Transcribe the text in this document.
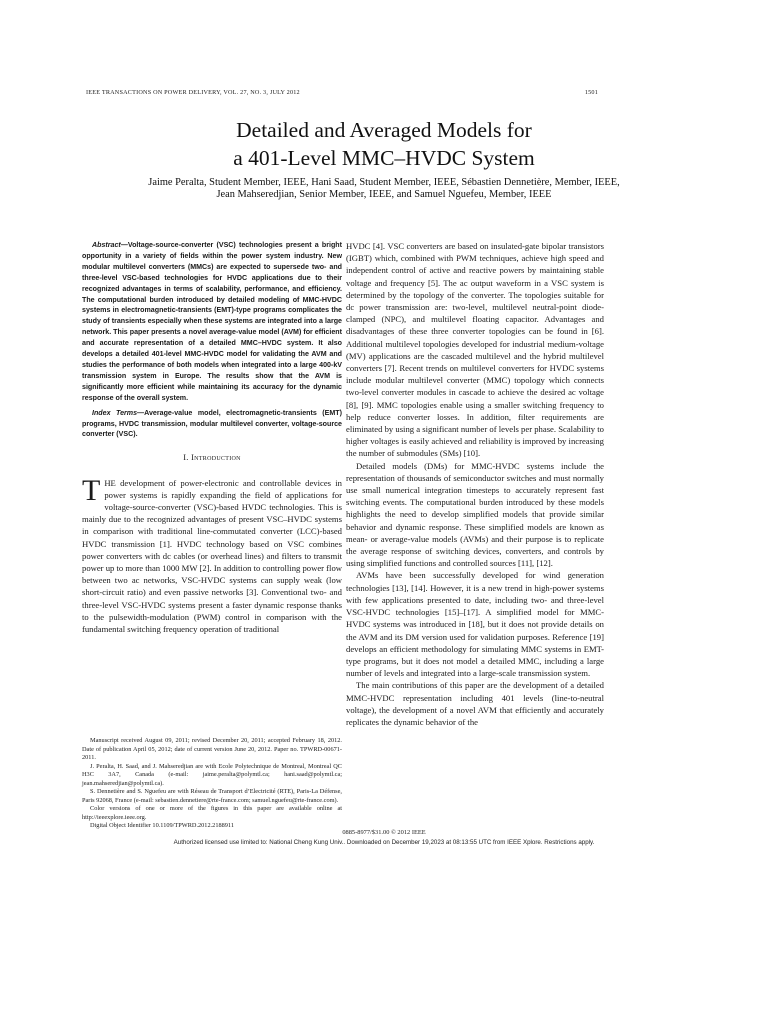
IEEE TRANSACTIONS ON POWER DELIVERY, VOL. 27, NO. 3, JULY 2012	1501
Detailed and Averaged Models for
a 401-Level MMC–HVDC System
Jaime Peralta, Student Member, IEEE, Hani Saad, Student Member, IEEE, Sébastien Dennetière, Member, IEEE,
Jean Mahseredjian, Senior Member, IEEE, and Samuel Nguefeu, Member, IEEE

Abstract—Voltage-source-converter (VSC) technologies present a bright opportunity in a variety of fields within the power system industry. New modular multilevel converters (MMCs) are expected to supersede two- and three-level VSC-based technologies for HVDC applications due to their recognized advantages in terms of scalability, performance, and efficiency. The computational burden introduced by detailed modeling of MMC-HVDC systems in electromagnetic-transients (EMT)-type programs complicates the study of transients especially when these systems are integrated into a large network. This paper presents a novel average-value model (AVM) for efficient and accurate representation of a detailed MMC–HVDC system. It also develops a detailed 401-level MMC-HVDC model for validating the AVM and studies the performance of both models when integrated into a large 400-kV transmission system in Europe. The results show that the AVM is significantly more efficient while maintaining its accuracy for the dynamic response of the overall system.

Index Terms—Average-value model, electromagnetic-transients (EMT) programs, HVDC transmission, modular multilevel converter, voltage-source converter (VSC).

I. Introduction

THE development of power-electronic and controllable devices in power systems is rapidly expanding the field of applications for voltage-source-converter (VSC)-based HVDC technologies. This is mainly due to the recognized advantages of present VSC–HVDC systems in comparison with traditional line-commutated converter (LCC)-based HVDC transmission [1]. HVDC technology based on VSC combines power converters with dc cables (or overhead lines) and filters to transmit power up to more than 1000 MW [2]. In addition to controlling power flow between two ac networks, VSC-HVDC systems can supply weak (low short-circuit ratio) and even passive networks [3]. Conventional two- and three-level VSC-HVDC systems present a faster dynamic response thanks to the pulsewidth-modulation (PWM) control in comparison with the fundamental switching frequency operation of traditional

Manuscript received August 09, 2011; revised December 20, 2011; accepted February 18, 2012. Date of publication April 05, 2012; date of current version June 20, 2012. Paper no. TPWRD-00671-2011.

J. Peralta, H. Saad, and J. Mahseredjian are with Ecole Polytechnique de Montreal, Montreal QC H3C 3A7, Canada (e-mail: jaime.peralta@polymtl.ca; hani.saad@polymtl.ca; jean.mahseredjian@polymtl.ca).

S. Dennetière and S. Nguefeu are with Réseau de Transport d’Electricité (RTE), Paris-La Défense, Paris 92068, France (e-mail: sebastien.dennetiere@rte-france.com; samuel.nguefeu@rte-france.com).

Color versions of one or more of the figures in this paper are available online at http://ieeexplore.ieee.org.

Digital Object Identifier 10.1109/TPWRD.2012.2188911

HVDC [4]. VSC converters are based on insulated-gate bipolar transistors (IGBT) which, combined with PWM techniques, achieve high speed and independent control of active and reactive powers by maintaining stable voltage and frequency [5]. The ac output waveform in a VSC system is determined by the topology of the converter. The topologies suitable for dc power transmission are: two-level, multilevel neutral-point diode-clamped (NPC), and multilevel floating capacitor. Advantages and disadvantages of these three converter topologies can be found in [6]. Additional multilevel topologies developed for industrial medium-voltage (MV) applications are the cascaded multilevel and the hybrid multilevel converters [7]. Recent trends on multilevel converters for HVDC systems include modular multilevel converter (MMC) topology which connects two-level converter modules in cascade to achieve the desired ac voltage [8], [9]. MMC topologies enable using a smaller switching frequency to help reduce converter losses. In addition, filter requirements are eliminated by using a significant number of levels per phase. Scalability to higher voltages is easily achieved and reliability is improved by increasing the number of submodules (SMs) [10].

Detailed models (DMs) for MMC-HVDC systems include the representation of thousands of semiconductor switches and must normally use small numerical integration timesteps to accurately represent fast switching events. The computational burden introduced by these models highlights the need to develop simplified models that provide similar behavior and dynamic response. These simplified models are known as mean- or average-value models (AVMs) and their purpose is to replicate the average response of switching devices, converters, and controls by using simplified functions and controlled sources [11], [12].

AVMs have been successfully developed for wind generation technologies [13], [14]. However, it is a new trend in high-power systems with few applications presented to date, including two- and three-level VSC-HVDC technologies [15]–[17]. A simplified model for MMC-HVDC systems was introduced in [18], but it does not provide details on the AVM and its DM version used for validation purposes. Reference [19] develops an efficient methodology for simulating MMC systems in EMT-type programs, but it does not model a detailed MMC, including a large number of levels and integrated into a large-scale transmission system.

The main contributions of this paper are the development of a detailed MMC-HVDC representation including 401 levels (line-to-neutral voltage), the development of a novel AVM that efficiently and accurately replicates the dynamic behavior of the

0885-8977/$31.00 © 2012 IEEE
Authorized licensed use limited to: National Cheng Kung Univ.. Downloaded on December 19,2023 at 08:13:55 UTC from IEEE Xplore. Restrictions apply.
